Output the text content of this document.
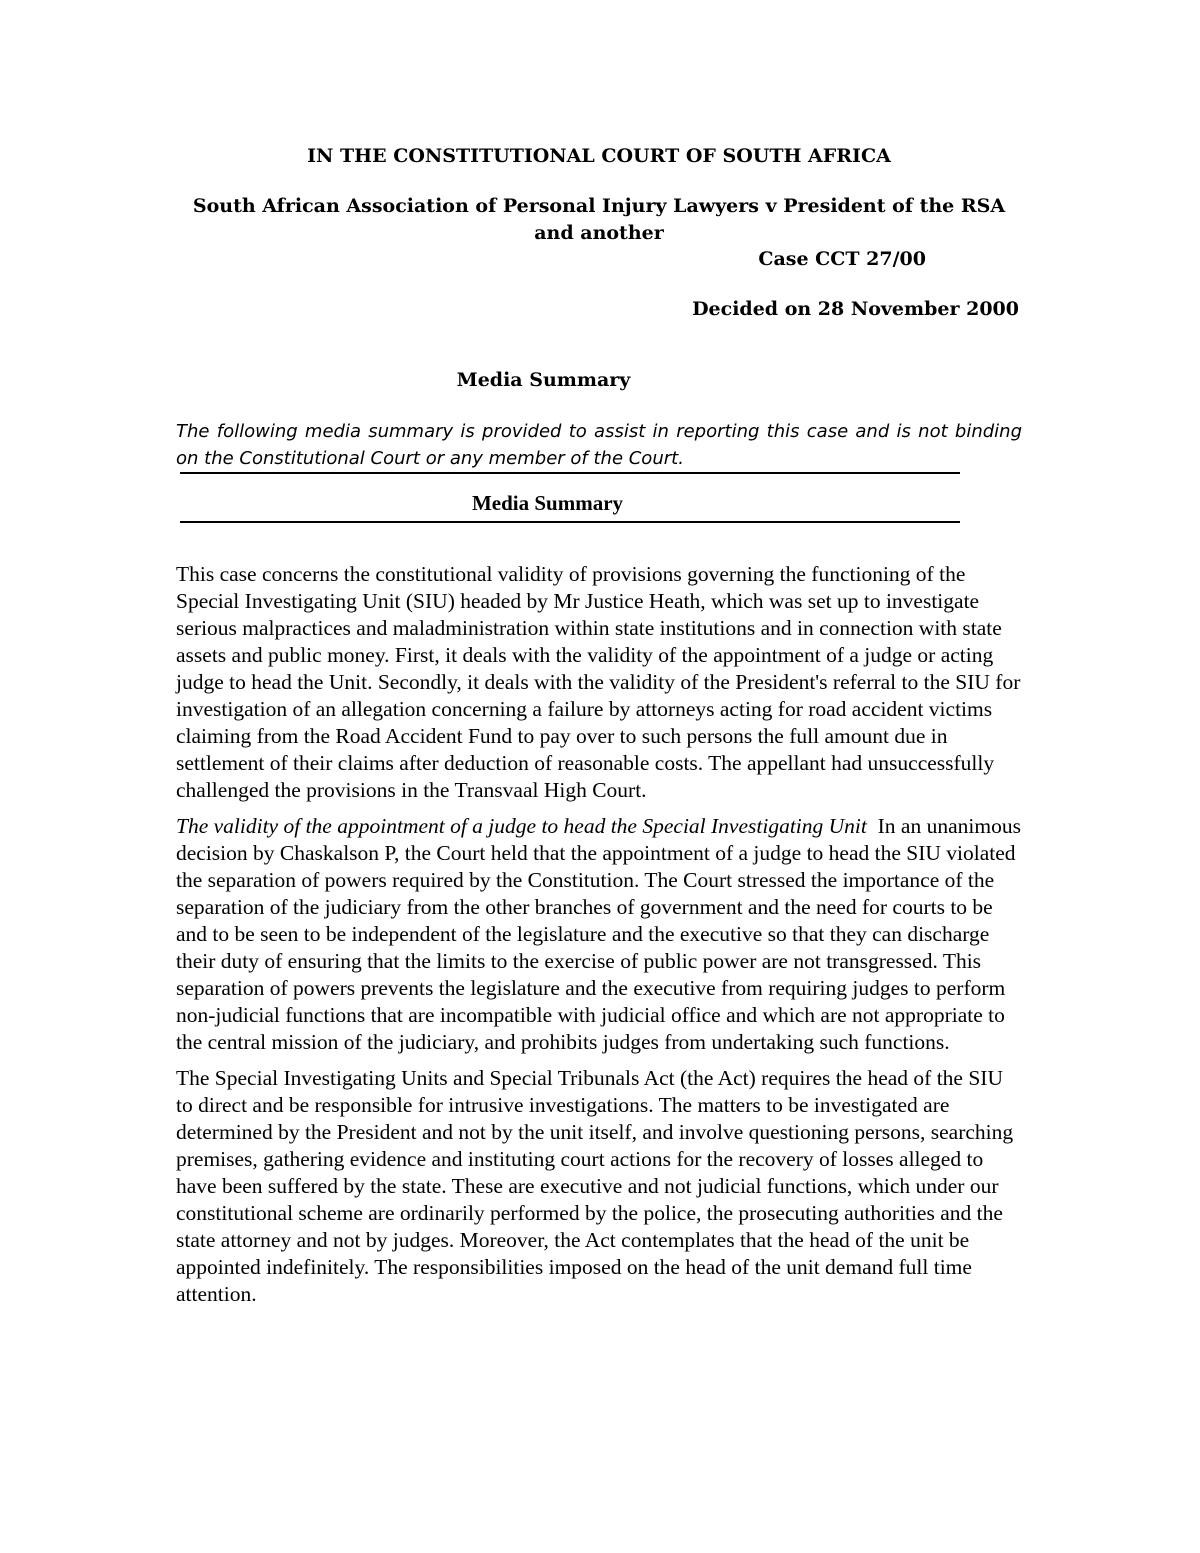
IN THE CONSTITUTIONAL COURT OF SOUTH AFRICA
South African Association of Personal Injury Lawyers v President of the RSA and another
Case CCT 27/00
Decided on 28 November 2000
Media Summary
The following media summary is provided to assist in reporting this case and is not binding on the Constitutional Court or any member of the Court.
Media Summary

This case concerns the constitutional validity of provisions governing the functioning of the Special Investigating Unit (SIU) headed by Mr Justice Heath, which was set up to investigate serious malpractices and maladministration within state institutions and in connection with state assets and public money. First, it deals with the validity of the appointment of a judge or acting judge to head the Unit. Secondly, it deals with the validity of the President's referral to the SIU for investigation of an allegation concerning a failure by attorneys acting for road accident victims claiming from the Road Accident Fund to pay over to such persons the full amount due in settlement of their claims after deduction of reasonable costs. The appellant had unsuccessfully challenged the provisions in the Transvaal High Court.

The validity of the appointment of a judge to head the Special Investigating Unit In an unanimous decision by Chaskalson P, the Court held that the appointment of a judge to head the SIU violated the separation of powers required by the Constitution. The Court stressed the importance of the separation of the judiciary from the other branches of government and the need for courts to be and to be seen to be independent of the legislature and the executive so that they can discharge their duty of ensuring that the limits to the exercise of public power are not transgressed. This separation of powers prevents the legislature and the executive from requiring judges to perform non-judicial functions that are incompatible with judicial office and which are not appropriate to the central mission of the judiciary, and prohibits judges from undertaking such functions.

The Special Investigating Units and Special Tribunals Act (the Act) requires the head of the SIU to direct and be responsible for intrusive investigations. The matters to be investigated are determined by the President and not by the unit itself, and involve questioning persons, searching premises, gathering evidence and instituting court actions for the recovery of losses alleged to have been suffered by the state. These are executive and not judicial functions, which under our constitutional scheme are ordinarily performed by the police, the prosecuting authorities and the state attorney and not by judges. Moreover, the Act contemplates that the head of the unit be appointed indefinitely. The responsibilities imposed on the head of the unit demand full time attention.
